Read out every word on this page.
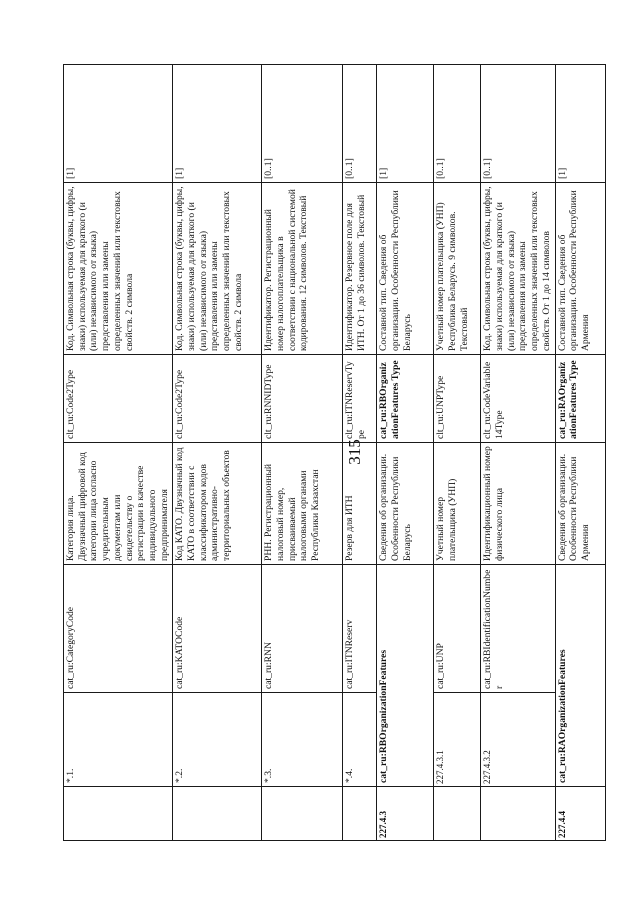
315
	*.1.	cat_ru:CategoryCode	Категория лица. Двузначный цифровой код категории лица согласно учредительным документам или свидетельству о регистрации в качестве индивидуального предпринимателя	clt_ru:Code2Type	Код. Символьная строка (буквы, цифры, знаки) используемая для краткого (и (или) независимого от языка) представления или замены определенных значений или текстовых свойств. 2 символа	[1]
	*.2.	cat_ru:KATOCode	Код КАТО. Двузначный код КАТО в соответствии с классификатором кодов административно-территориальных объектов	clt_ru:Code2Type	Код. Символьная строка (буквы, цифры, знаки) используемая для краткого (и (или) независимого от языка) представления или замены определенных значений или текстовых свойств. 2 символа	[1]
	*.3.	cat_ru:RNN	РНН. Регистрационный налоговый номер, присваиваемый налоговыми органами Республики Казахстан	clt_ru:RNNIDType	Идентификатор. Регистрационный номер налогоплательщика в соответствии с национальной системой кодирования. 12 символов. Текстовый	[0..1]
	*.4.	cat_ru:ITNReserv	Резерв для ИТН	clt_ru:ITNReservType	Идентификатор. Резервное поле для ИТН. От 1 до 36 символов. Текстовый	[0..1]
227.4.3	cat_ru:RBOrganizationFeatures		Сведения об организации. Особенности Республики Беларусь	cat_ru:RBOrganizationFeatures Type	Составной тип. Сведения об организации. Особенности Республики Беларусь	[1]
	227.4.3.1	cat_ru:UNP	Учетный номер плательщика (УНП)	clt_ru:UNPType	Учетный номер плательщика (УНП) Республика Беларусь. 9 символов. Текстовый	[0..1]
	227.4.3.2	cat_ru:RBIdentificationNumber	Идентификационный номер физического лица	clt_ru:CodeVariable14Type	Код. Символьная строка (буквы, цифры, знаки) используемая для краткого (и (или) независимого от языка) представления или замены определенных значений или текстовых свойств. От 1 до 14 символов	[0..1]
227.4.4	cat_ru:RAOrganizationFeatures		Сведения об организации. Особенности Республики Армения	cat_ru:RAOrganizationFeatures Type	Составной тип. Сведения об организации. Особенности Республики Армения	[1]
